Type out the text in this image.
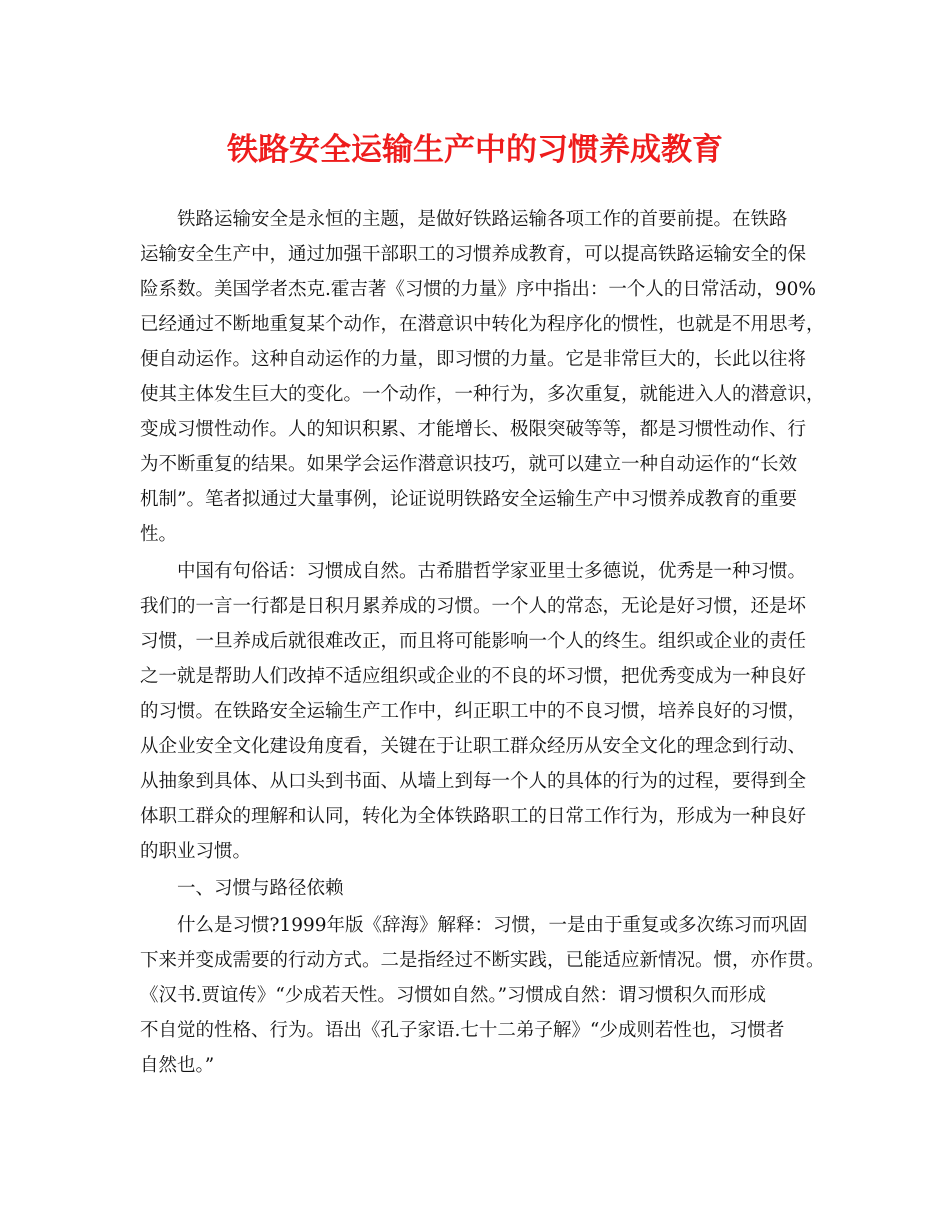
铁路安全运输生产中的习惯养成教育

铁路运输安全是永恒的主题，是做好铁路运输各项工作的首要前提。在铁路

运输安全生产中，通过加强干部职工的习惯养成教育，可以提高铁路运输安全的保

险系数。美国学者杰克.霍吉著《习惯的力量》序中指出：一个人的日常活动，90%

已经通过不断地重复某个动作，在潜意识中转化为程序化的惯性，也就是不用思考，

便自动运作。这种自动运作的力量，即习惯的力量。它是非常巨大的，长此以往将

使其主体发生巨大的变化。一个动作，一种行为，多次重复，就能进入人的潜意识，

变成习惯性动作。人的知识积累、才能增长、极限突破等等，都是习惯性动作、行

为不断重复的结果。如果学会运作潜意识技巧，就可以建立一种自动运作的“长效

机制”。笔者拟通过大量事例，论证说明铁路安全运输生产中习惯养成教育的重要

性。

中国有句俗话：习惯成自然。古希腊哲学家亚里士多德说，优秀是一种习惯。

我们的一言一行都是日积月累养成的习惯。一个人的常态，无论是好习惯，还是坏

习惯，一旦养成后就很难改正，而且将可能影响一个人的终生。组织或企业的责任

之一就是帮助人们改掉不适应组织或企业的不良的坏习惯，把优秀变成为一种良好

的习惯。在铁路安全运输生产工作中，纠正职工中的不良习惯，培养良好的习惯，

从企业安全文化建设角度看，关键在于让职工群众经历从安全文化的理念到行动、

从抽象到具体、从口头到书面、从墙上到每一个人的具体的行为的过程，要得到全

体职工群众的理解和认同，转化为全体铁路职工的日常工作行为，形成为一种良好

的职业习惯。

一、习惯与路径依赖

什么是习惯?1999年版《辞海》解释：习惯，一是由于重复或多次练习而巩固

下来并变成需要的行动方式。二是指经过不断实践，已能适应新情况。惯，亦作贯。

《汉书.贾谊传》“少成若天性。习惯如自然。”习惯成自然：谓习惯积久而形成

不自觉的性格、行为。语出《孔子家语.七十二弟子解》“少成则若性也，习惯者

自然也。”
